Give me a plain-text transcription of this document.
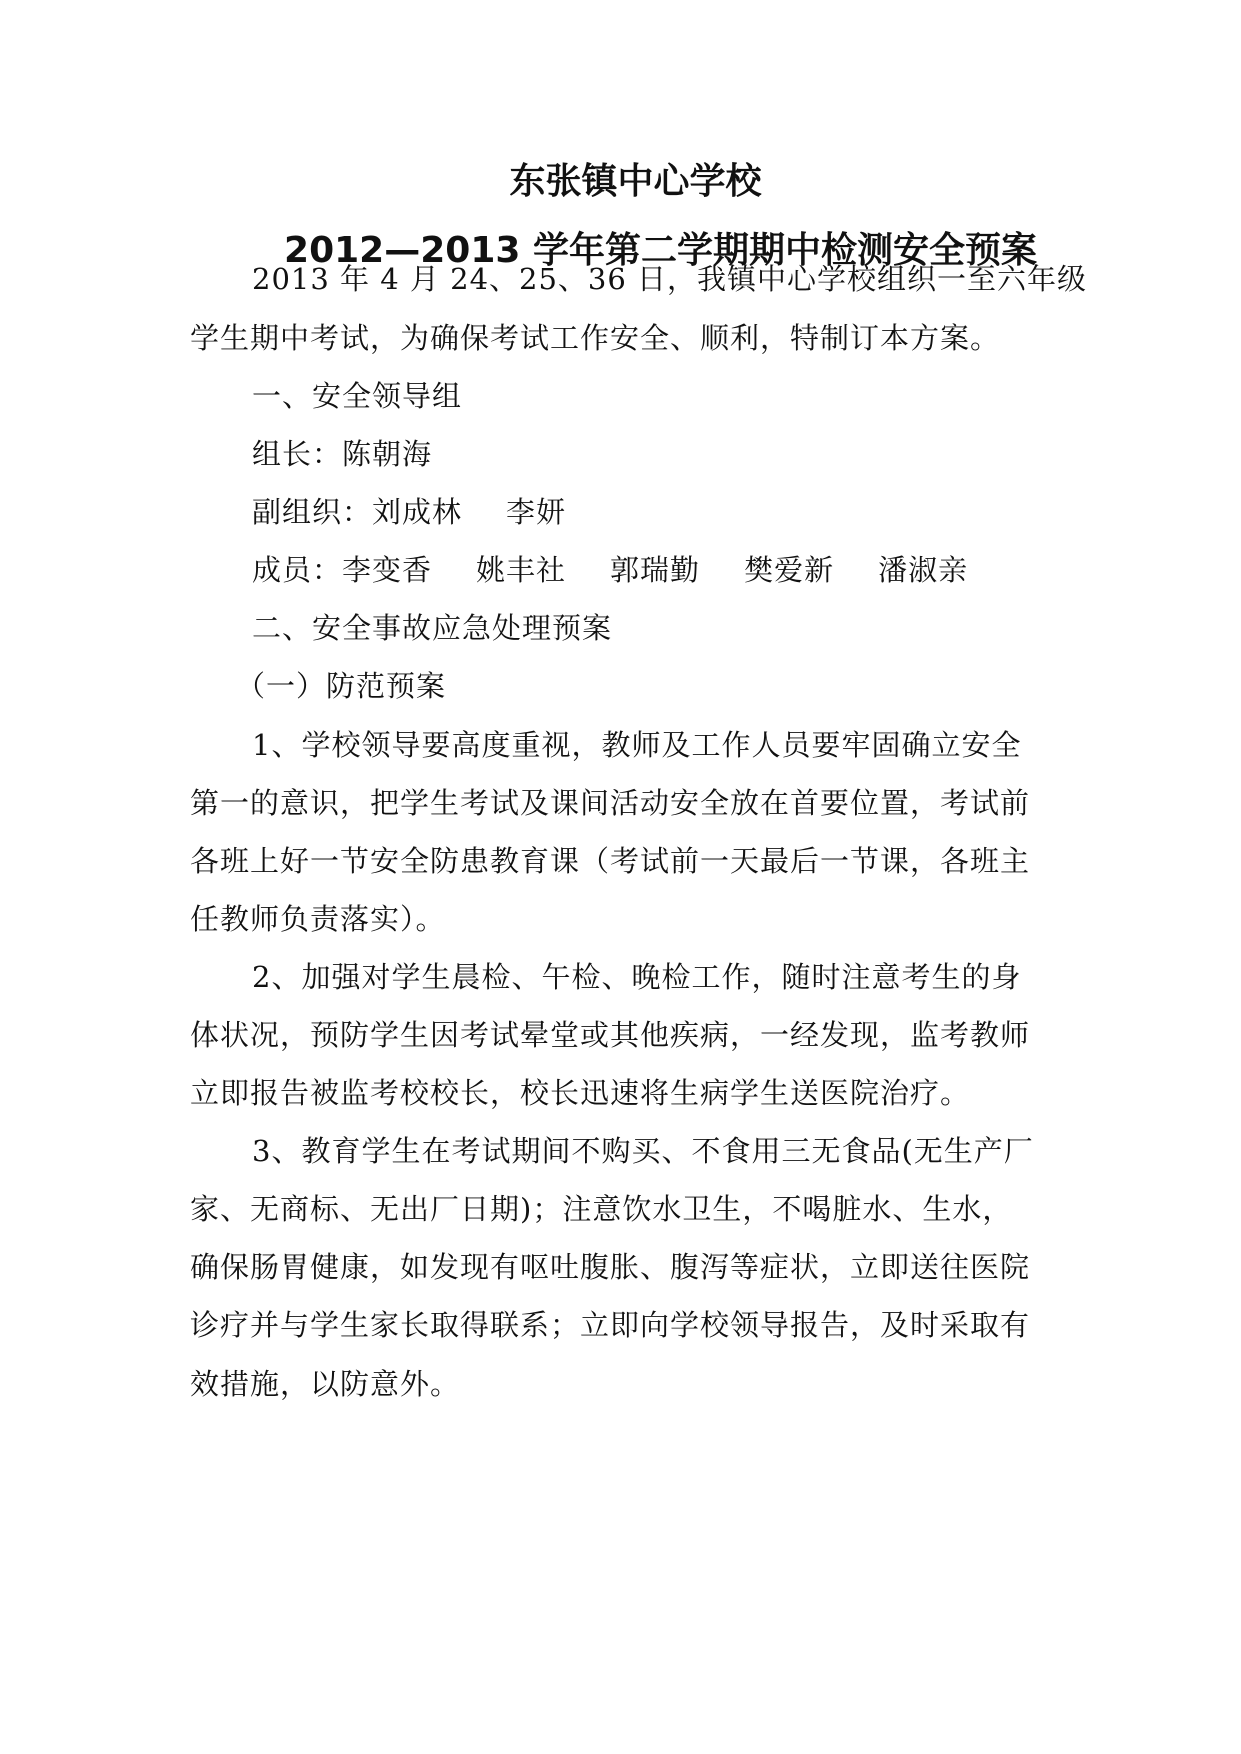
东张镇中心学校
2012—2013 学年第二学期期中检测安全预案
2013 年 4 月 24、25、36 日，我镇中心学校组织一至六年级
学生期中考试，为确保考试工作安全、顺利，特制订本方案。
一、安全领导组
组长：陈朝海
副组织：刘成林 李妍
成员：李变香 姚丰社 郭瑞勤 樊爱新 潘淑亲
二、安全事故应急处理预案
（一）防范预案
1、学校领导要高度重视，教师及工作人员要牢固确立安全
第一的意识，把学生考试及课间活动安全放在首要位置，考试前
各班上好一节安全防患教育课（考试前一天最后一节课，各班主
任教师负责落实）。
2、加强对学生晨检、午检、晚检工作，随时注意考生的身
体状况，预防学生因考试晕堂或其他疾病，一经发现，监考教师
立即报告被监考校校长，校长迅速将生病学生送医院治疗。
3、教育学生在考试期间不购买、不食用三无食品(无生产厂
家、无商标、无出厂日期)；注意饮水卫生，不喝脏水、生水，
确保肠胃健康，如发现有呕吐腹胀、腹泻等症状，立即送往医院
诊疗并与学生家长取得联系；立即向学校领导报告，及时采取有
效措施，以防意外。
